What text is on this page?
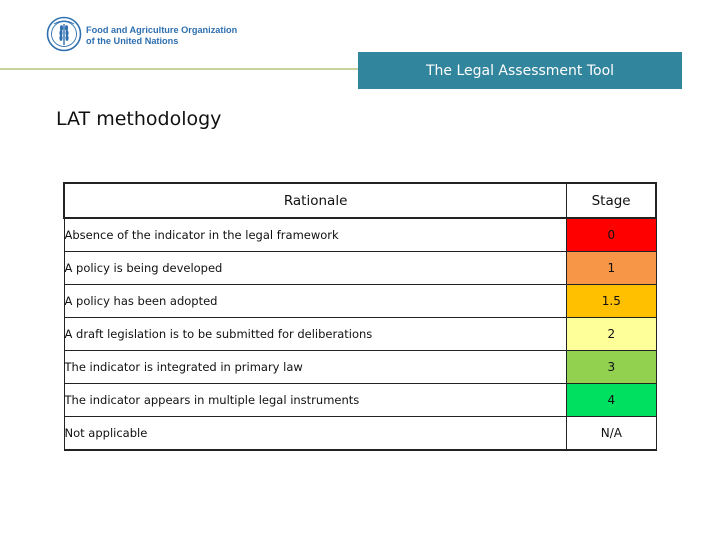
Food and Agriculture Organization
of the United Nations
The Legal Assessment Tool
LAT methodology
Rationale	Stage
Absence of the indicator in the legal framework	0
A policy is being developed	1
A policy has been adopted	1.5
A draft legislation is to be submitted for deliberations	2
The indicator is integrated in primary law	3
The indicator appears in multiple legal instruments	4
Not applicable	N/A
